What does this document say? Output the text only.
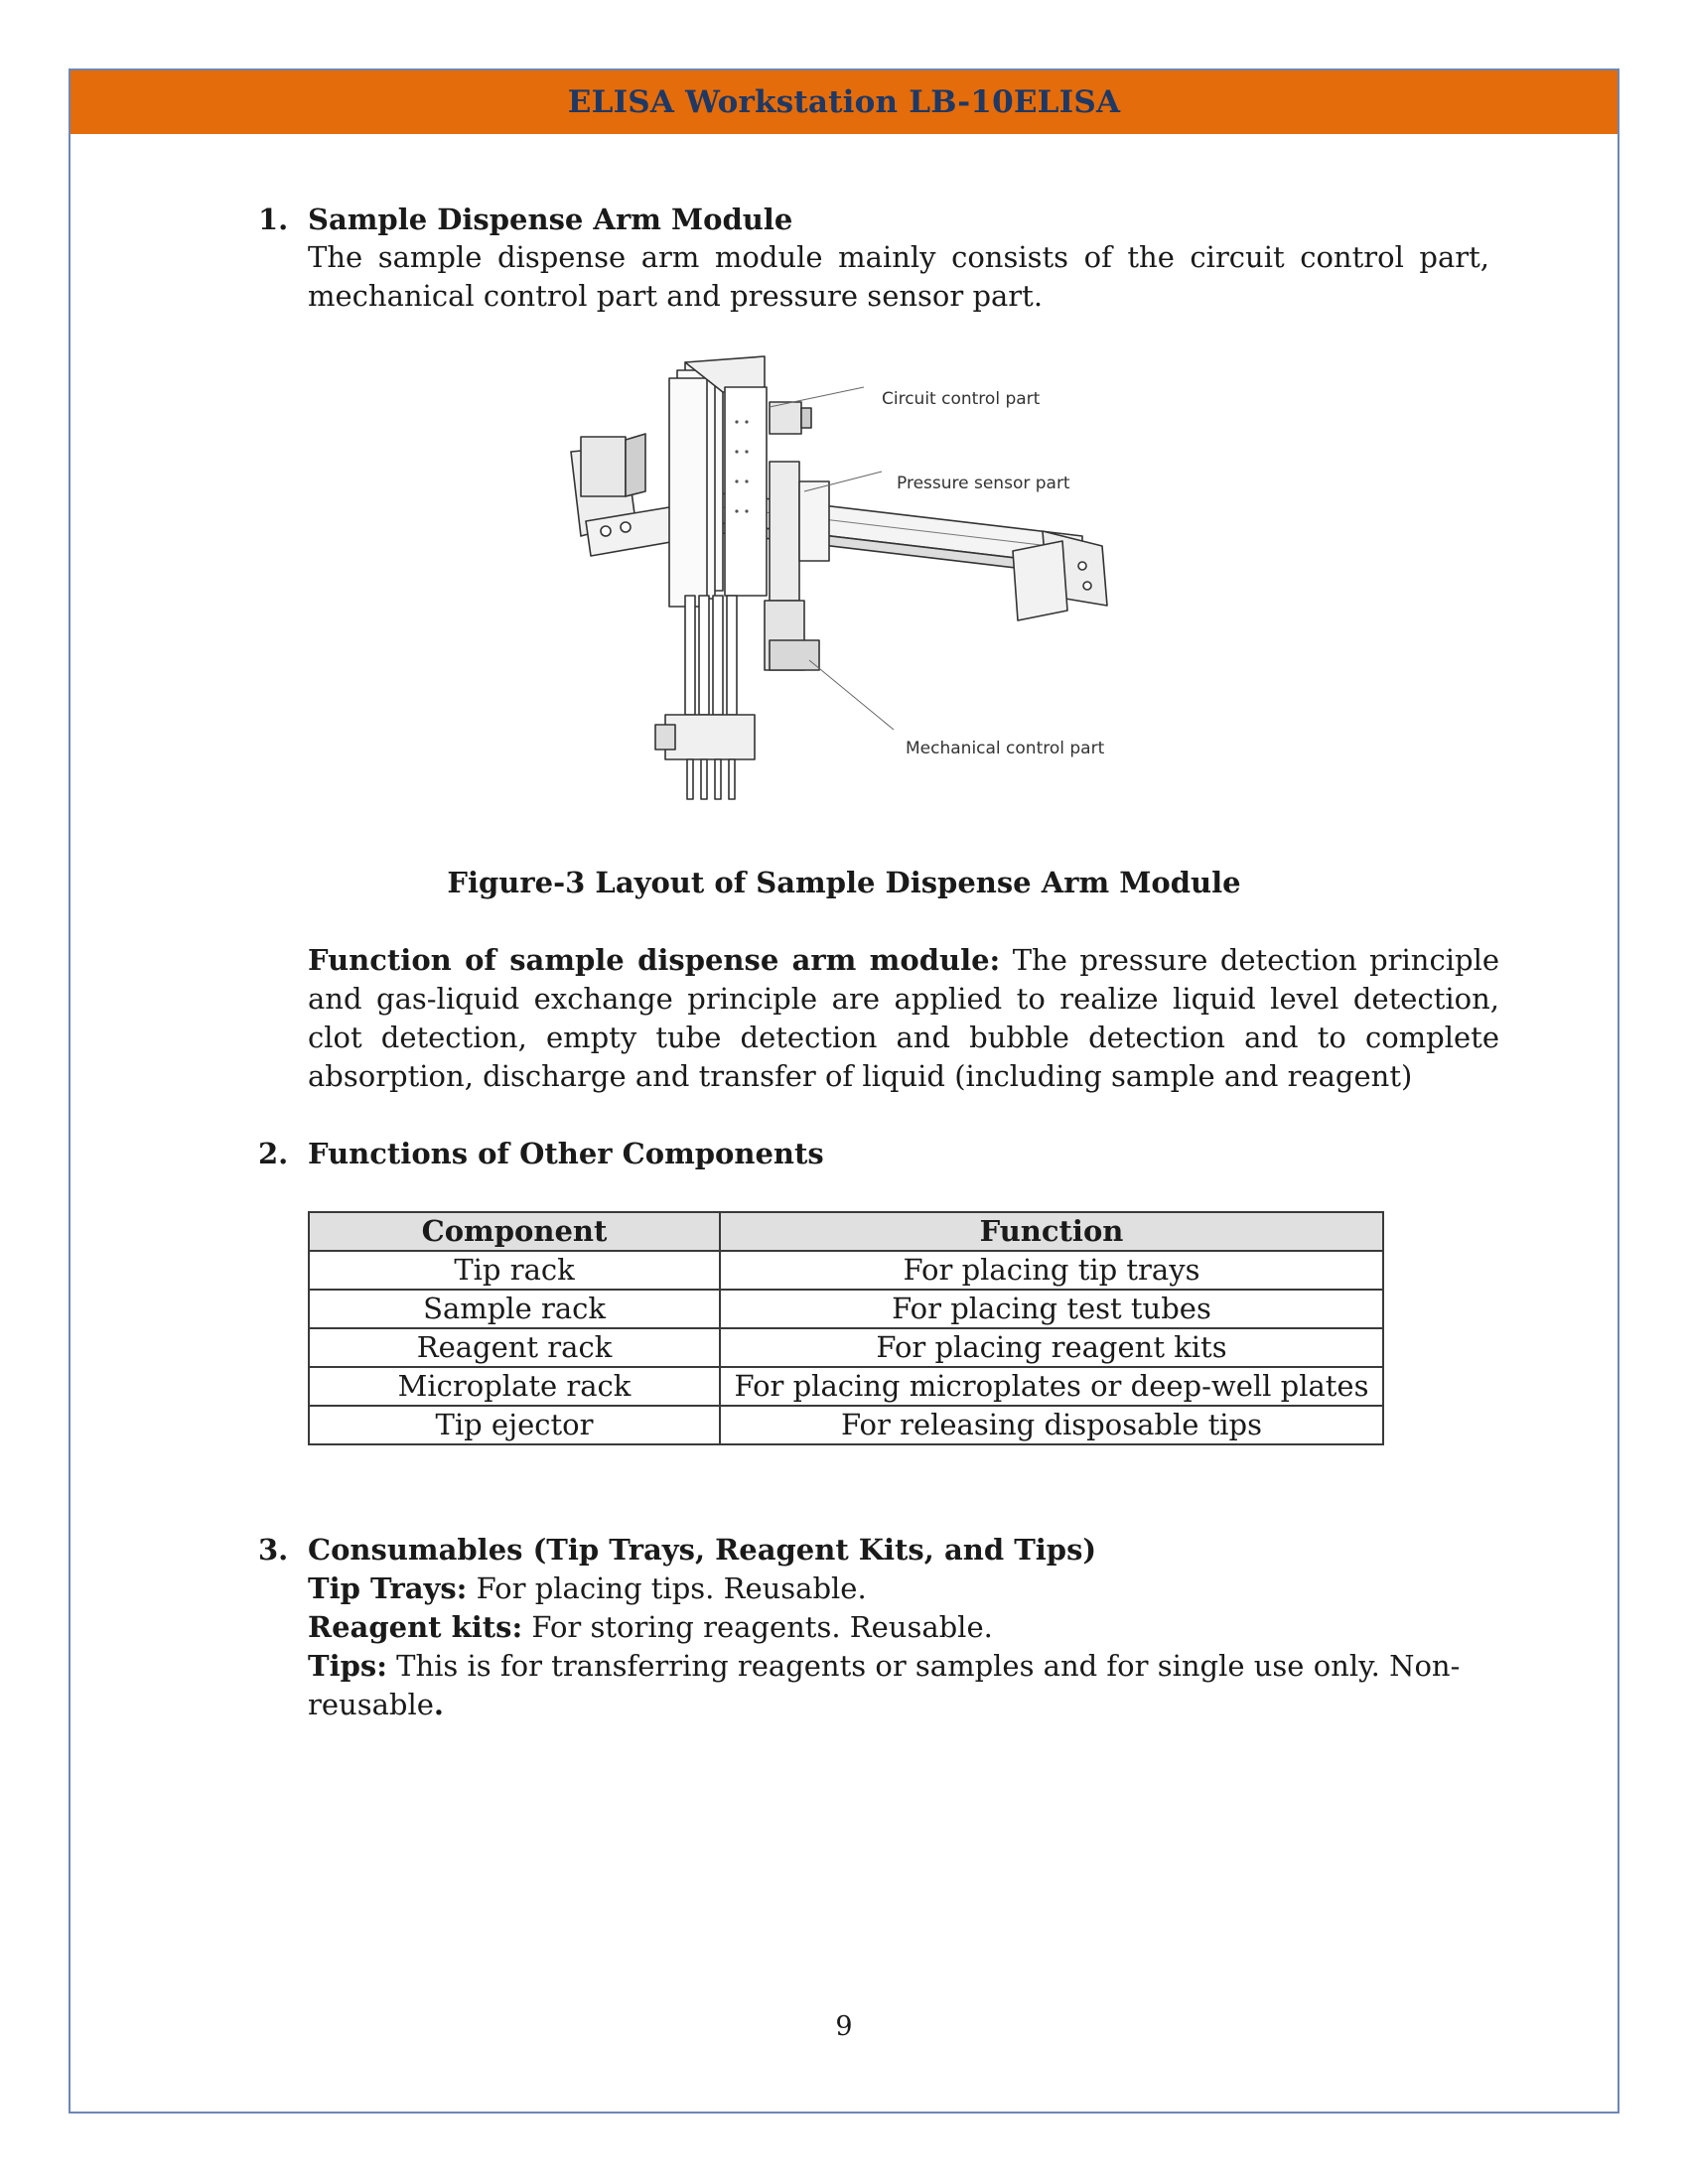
ELISA Workstation LB-10ELISA
1. Sample Dispense Arm Module
The sample dispense arm module mainly consists of the circuit control part, mechanical control part and pressure sensor part.
Circuit control part
Pressure sensor part
Mechanical control part
Figure-3 Layout of Sample Dispense Arm Module
Function of sample dispense arm module: The pressure detection principle and gas-liquid exchange principle are applied to realize liquid level detection, clot detection, empty tube detection and bubble detection and to complete absorption, discharge and transfer of liquid (including sample and reagent)
2. Functions of Other Components
Component	Function
Tip rack	For placing tip trays
Sample rack	For placing test tubes
Reagent rack	For placing reagent kits
Microplate rack	For placing microplates or deep-well plates
Tip ejector	For releasing disposable tips
3. Consumables (Tip Trays, Reagent Kits, and Tips)
Tip Trays: For placing tips. Reusable.
Reagent kits: For storing reagents. Reusable.
Tips: This is for transferring reagents or samples and for single use only. Non-
reusable.
9
